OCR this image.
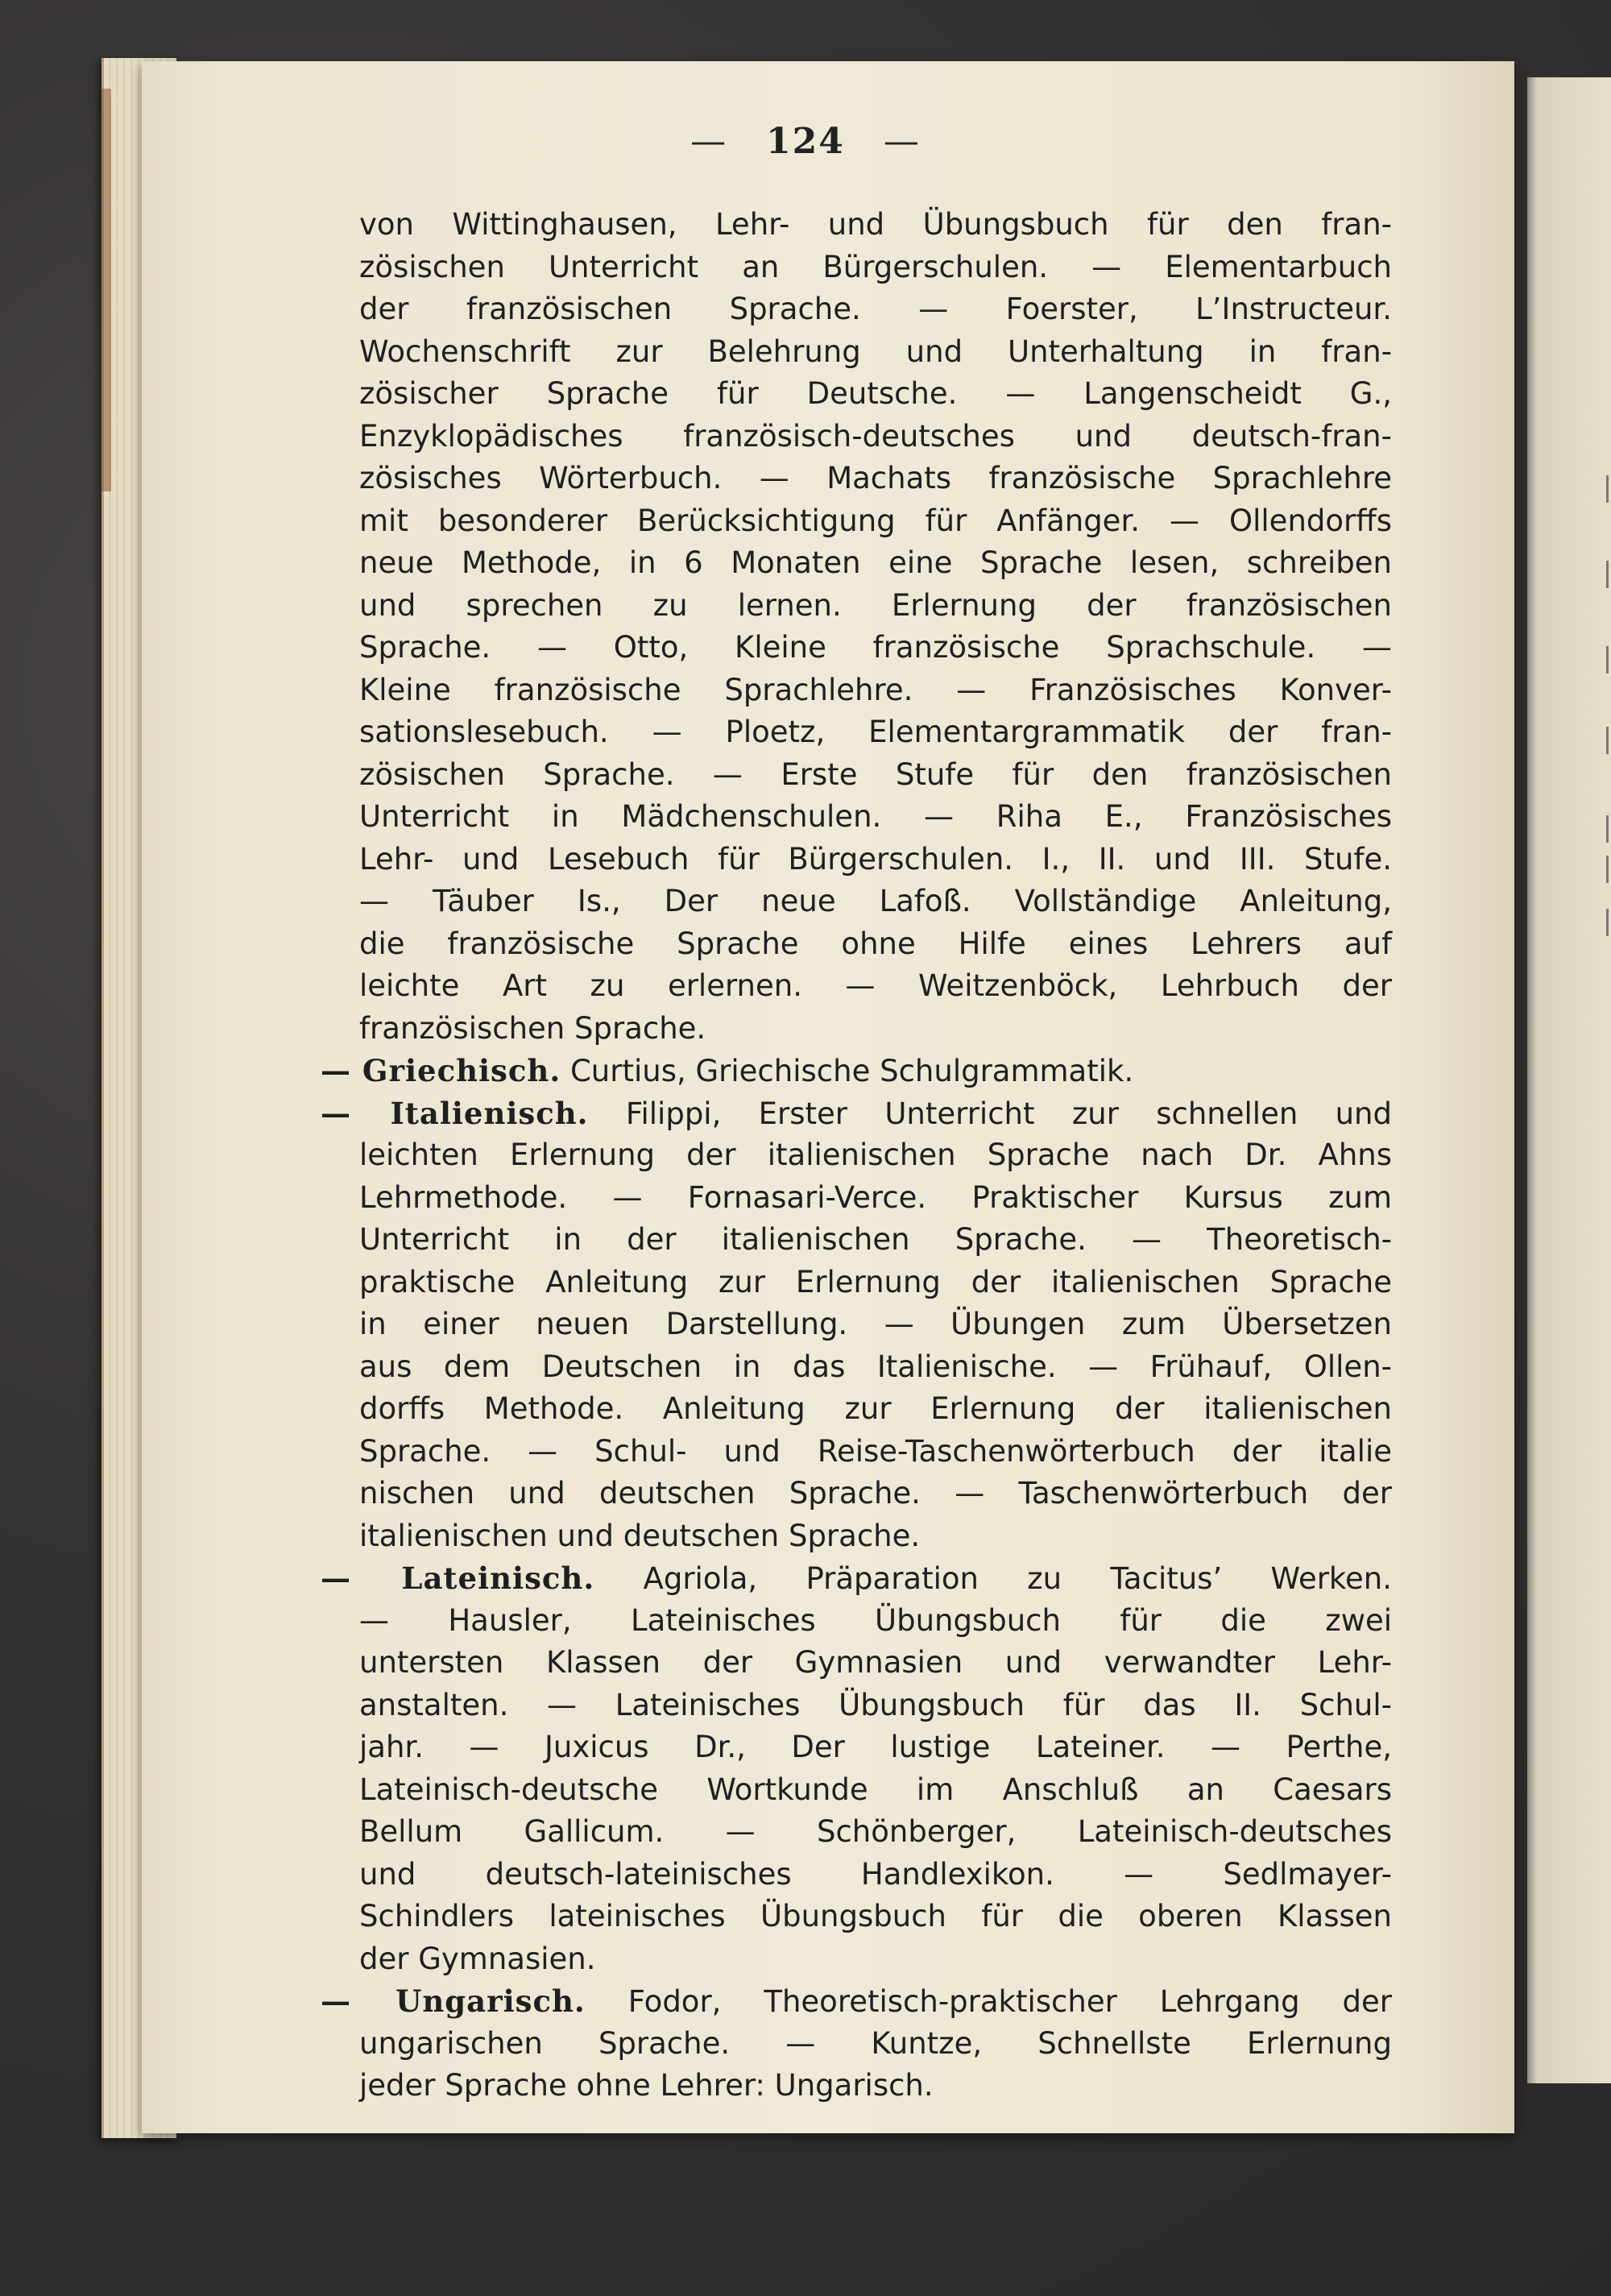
— 124 —
von Wittinghausen, Lehr- und Übungsbuch für den fran-
zösischen Unterricht an Bürgerschulen. — Elementarbuch
der französischen Sprache. — Foerster, L’Instructeur.
Wochenschrift zur Belehrung und Unterhaltung in fran-
zösischer Sprache für Deutsche. — Langenscheidt G.,
Enzyklopädisches französisch-deutsches und deutsch-fran-
zösisches Wörterbuch. — Machats französische Sprachlehre
mit besonderer Berücksichtigung für Anfänger. — Ollendorffs
neue Methode, in 6 Monaten eine Sprache lesen, schreiben
und sprechen zu lernen. Erlernung der französischen
Sprache. — Otto, Kleine französische Sprachschule. —
Kleine französische Sprachlehre. — Französisches Konver-
sationslesebuch. — Ploetz, Elementargrammatik der fran-
zösischen Sprache. — Erste Stufe für den französischen
Unterricht in Mädchenschulen. — Riha E., Französisches
Lehr- und Lesebuch für Bürgerschulen. I., II. und III. Stufe.
— Täuber Is., Der neue Lafoß. Vollständige Anleitung,
die französische Sprache ohne Hilfe eines Lehrers auf
leichte Art zu erlernen. — Weitzenböck, Lehrbuch der
französischen Sprache.
— Griechisch. Curtius, Griechische Schulgrammatik.
— Italienisch. Filippi, Erster Unterricht zur schnellen und
leichten Erlernung der italienischen Sprache nach Dr. Ahns
Lehrmethode. — Fornasari-Verce. Praktischer Kursus zum
Unterricht in der italienischen Sprache. — Theoretisch-
praktische Anleitung zur Erlernung der italienischen Sprache
in einer neuen Darstellung. — Übungen zum Übersetzen
aus dem Deutschen in das Italienische. — Frühauf, Ollen-
dorffs Methode. Anleitung zur Erlernung der italienischen
Sprache. — Schul- und Reise-Taschenwörterbuch der italie
nischen und deutschen Sprache. — Taschenwörterbuch der
italienischen und deutschen Sprache.
— Lateinisch. Agriola, Präparation zu Tacitus’ Werken.
— Hausler, Lateinisches Übungsbuch für die zwei
untersten Klassen der Gymnasien und verwandter Lehr-
anstalten. — Lateinisches Übungsbuch für das II. Schul-
jahr. — Juxicus Dr., Der lustige Lateiner. — Perthe,
Lateinisch-deutsche Wortkunde im Anschluß an Caesars
Bellum Gallicum. — Schönberger, Lateinisch-deutsches
und deutsch-lateinisches Handlexikon. — Sedlmayer-
Schindlers lateinisches Übungsbuch für die oberen Klassen
der Gymnasien.
— Ungarisch. Fodor, Theoretisch-praktischer Lehrgang der
ungarischen Sprache. — Kuntze, Schnellste Erlernung
jeder Sprache ohne Lehrer: Ungarisch.
